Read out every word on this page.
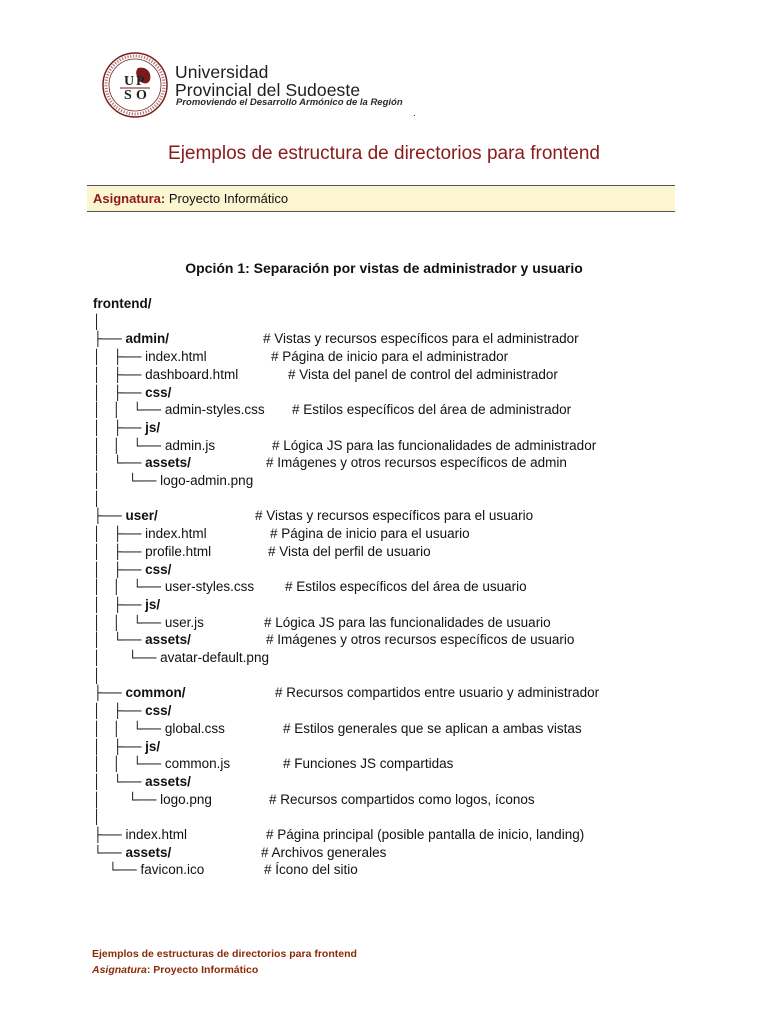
U P
S O
Universidad
Provincial del Sudoeste
Promoviendo el Desarrollo Armónico de la Región
.
Ejemplos de estructura de directorios para frontend
Asignatura: Proyecto Informático
Opción 1: Separación por vistas de administrador y usuario
frontend/
│
├── admin/	# Vistas y recursos específicos para el administrador
│   ├── index.html	# Página de inicio para el administrador
│   ├── dashboard.html	# Vista del panel de control del administrador
│   ├── css/
│   │   └── admin-styles.css # Estilos específicos del área de administrador
│   ├── js/
│   │   └── admin.js	# Lógica JS para las funcionalidades de administrador
│   └── assets/	# Imágenes y otros recursos específicos de admin
│       └── logo-admin.png
│
├── user/	# Vistas y recursos específicos para el usuario
│   ├── index.html	# Página de inicio para el usuario
│   ├── profile.html	# Vista del perfil de usuario
│   ├── css/
│   │   └── user-styles.css # Estilos específicos del área de usuario
│   ├── js/
│   │   └── user.js	# Lógica JS para las funcionalidades de usuario
│   └── assets/	# Imágenes y otros recursos específicos de usuario
│       └── avatar-default.png
│
├── common/	# Recursos compartidos entre usuario y administrador
│   ├── css/
│   │   └── global.css	# Estilos generales que se aplican a ambas vistas
│   ├── js/
│   │   └── common.js	# Funciones JS compartidas
│   └── assets/
│       └── logo.png	# Recursos compartidos como logos, íconos
│
├── index.html	# Página principal (posible pantalla de inicio, landing)
└── assets/	# Archivos generales
└── favicon.ico	# Ícono del sitio
Ejemplos de estructuras de directorios para frontend
Asignatura: Proyecto Informático
